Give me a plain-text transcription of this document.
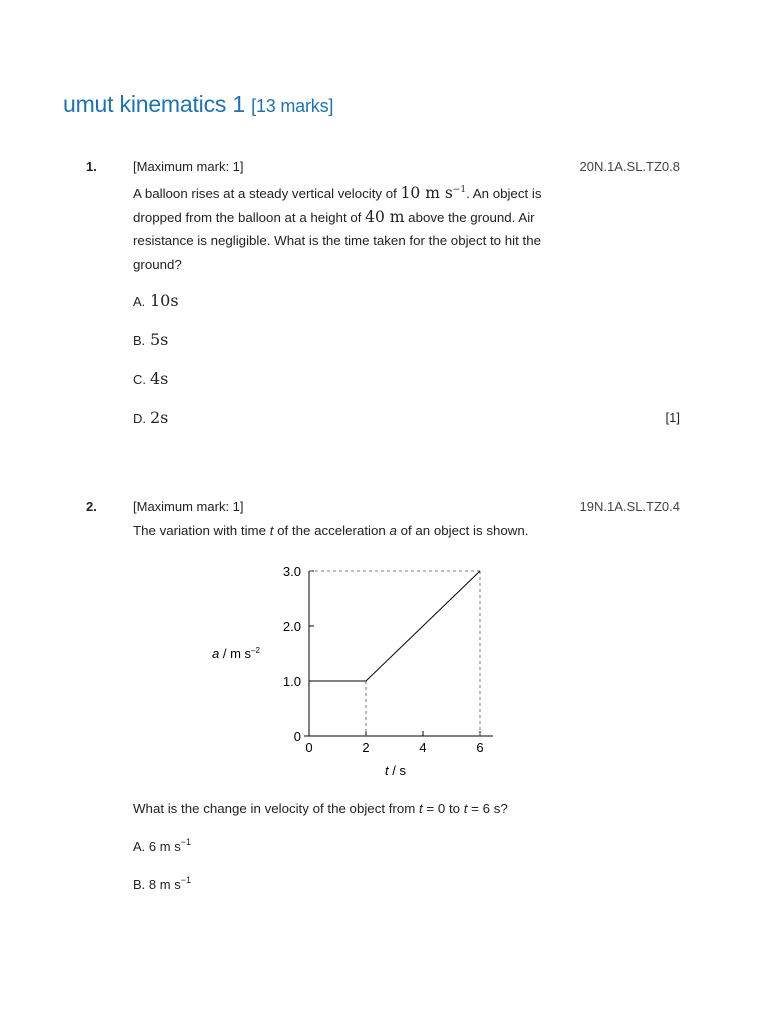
umut kinematics 1 [13 marks]
1.	[Maximum mark: 1]	20N.1A.SL.TZ0.8

A balloon rises at a steady vertical velocity of 10 m $s^{-1}$. An object is dropped from the balloon at a height of 40 m above the ground. Air resistance is negligible. What is the time taken for the object to hit the ground?

A. 10s
B. 5s
C. 4s
D. 2s	[1]
2.	[Maximum mark: 1]	19N.1A.SL.TZ0.4

The variation with time t of the acceleration a of an object is shown.

0	2	4	6
0
1.0
2.0
3.0
a / m $s^{-2}$
t / s

What is the change in velocity of the object from t = 0 to t = 6 s?

A. 6 m $s^{-1}$
B. 8 m $s^{-1}$
